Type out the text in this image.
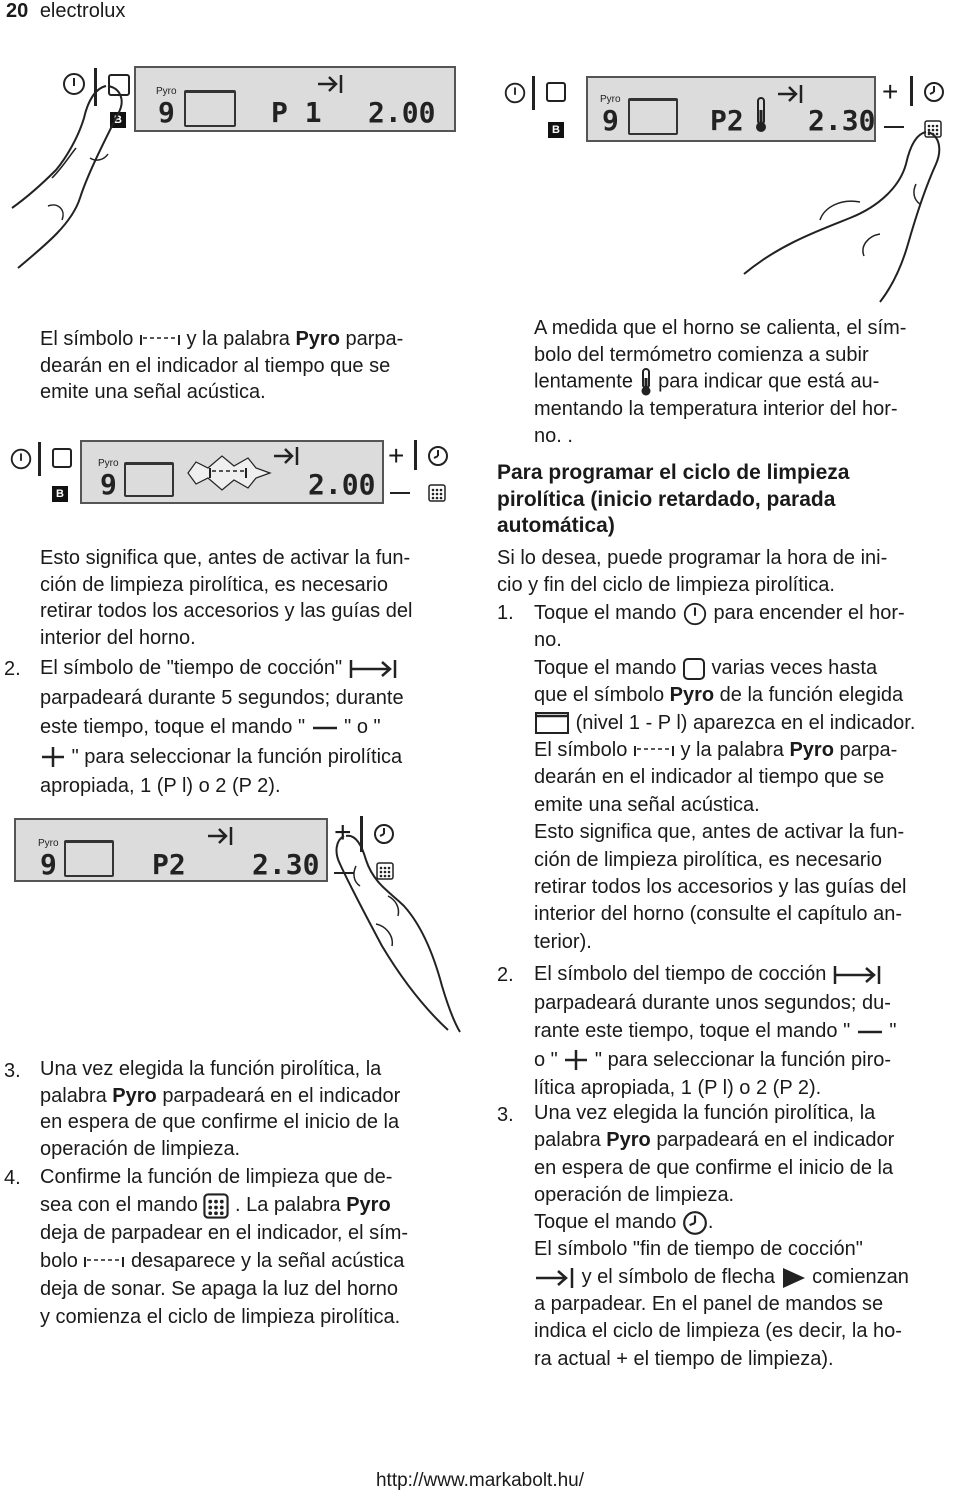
20 electrolux
B
Pyro
9	P 1 2.00
B
Pyro
9	P2 2.30
+
El símbolo	y la palabra Pyro parpa-
dearán en el indicador al tiempo que se
emite una señal acústica.
B
Pyro
9	2.00
+
Esto significa que, antes de activar la fun-
ción de limpieza pirolítica, es necesario
retirar todos los accesorios y las guías del
interior del horno.
2. El símbolo de "tiempo de cocción"
parpadeará durante 5 segundos; durante
este tiempo, toque el mando " " o "
" para seleccionar la función pirolítica
apropiada, 1 (P l) o 2 (P 2).
Pyro
9	P2 2.30
+
3. Una vez elegida la función pirolítica, la
palabra Pyro parpadeará en el indicador
en espera de que confirme el inicio de la
operación de limpieza.
4. Confirme la función de limpieza que de-
sea con el mando . La palabra Pyro
deja de parpadear en el indicador, el sím-
bolo	desaparece y la señal acústica
deja de sonar. Se apaga la luz del horno
y comienza el ciclo de limpieza pirolítica.
A medida que el horno se calienta, el sím-
bolo del termómetro comienza a subir
lentamente para indicar que está au-
mentando la temperatura interior del hor-
no. .
Para programar el ciclo de limpieza
pirolítica (inicio retardado, parada
automática)
Si lo desea, puede programar la hora de ini-
cio y fin del ciclo de limpieza pirolítica.
1. Toque el mando para encender el hor-
no.
Toque el mando varias veces hasta
que el símbolo Pyro de la función elegida
(nivel 1 - P l) aparezca en el indicador.
El símbolo	y la palabra Pyro parpa-
dearán en el indicador al tiempo que se
emite una señal acústica.
Esto significa que, antes de activar la fun-
ción de limpieza pirolítica, es necesario
retirar todos los accesorios y las guías del
interior del horno (consulte el capítulo an-
terior).
2. El símbolo del tiempo de cocción
parpadeará durante unos segundos; du-
rante este tiempo, toque el mando " "
o " " para seleccionar la función piro-
lítica apropiada, 1 (P l) o 2 (P 2).
3. Una vez elegida la función pirolítica, la
palabra Pyro parpadeará en el indicador
en espera de que confirme el inicio de la
operación de limpieza.
Toque el mando .
El símbolo "fin de tiempo de cocción"
y el símbolo de flecha comienzan
a parpadear. En el panel de mandos se
indica el ciclo de limpieza (es decir, la ho-
ra actual + el tiempo de limpieza).
http://www.markabolt.hu/
